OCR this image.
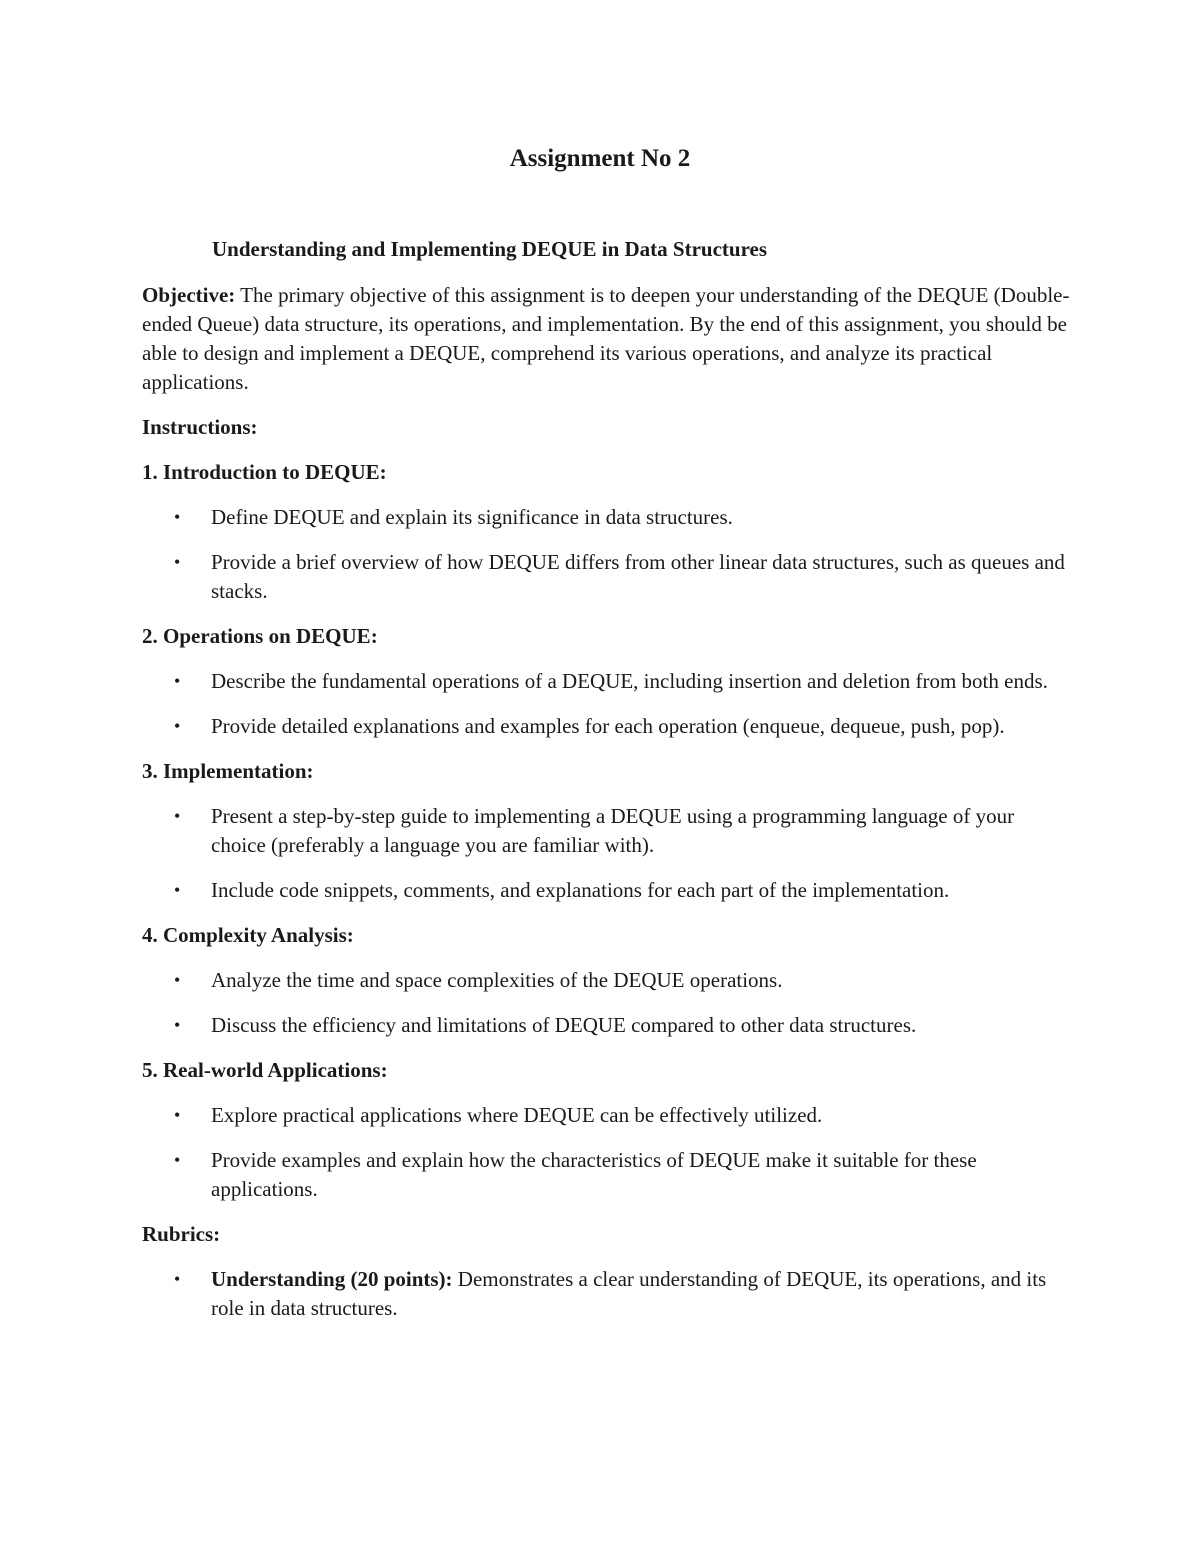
Assignment No 2
Understanding and Implementing DEQUE in Data Structures

Objective: The primary objective of this assignment is to deepen your understanding of the DEQUE (Double-ended Queue) data structure, its operations, and implementation. By the end of this assignment, you should be able to design and implement a DEQUE, comprehend its various operations, and analyze its practical applications.

Instructions:

1. Introduction to DEQUE:

• Define DEQUE and explain its significance in data structures.
• Provide a brief overview of how DEQUE differs from other linear data structures, such as queues and stacks.

2. Operations on DEQUE:

• Describe the fundamental operations of a DEQUE, including insertion and deletion from both ends.
• Provide detailed explanations and examples for each operation (enqueue, dequeue, push, pop).

3. Implementation:

• Present a step-by-step guide to implementing a DEQUE using a programming language of your choice (preferably a language you are familiar with).
• Include code snippets, comments, and explanations for each part of the implementation.

4. Complexity Analysis:

• Analyze the time and space complexities of the DEQUE operations.
• Discuss the efficiency and limitations of DEQUE compared to other data structures.

5. Real-world Applications:

• Explore practical applications where DEQUE can be effectively utilized.
• Provide examples and explain how the characteristics of DEQUE make it suitable for these applications.

Rubrics:

• Understanding (20 points): Demonstrates a clear understanding of DEQUE, its operations, and its role in data structures.
